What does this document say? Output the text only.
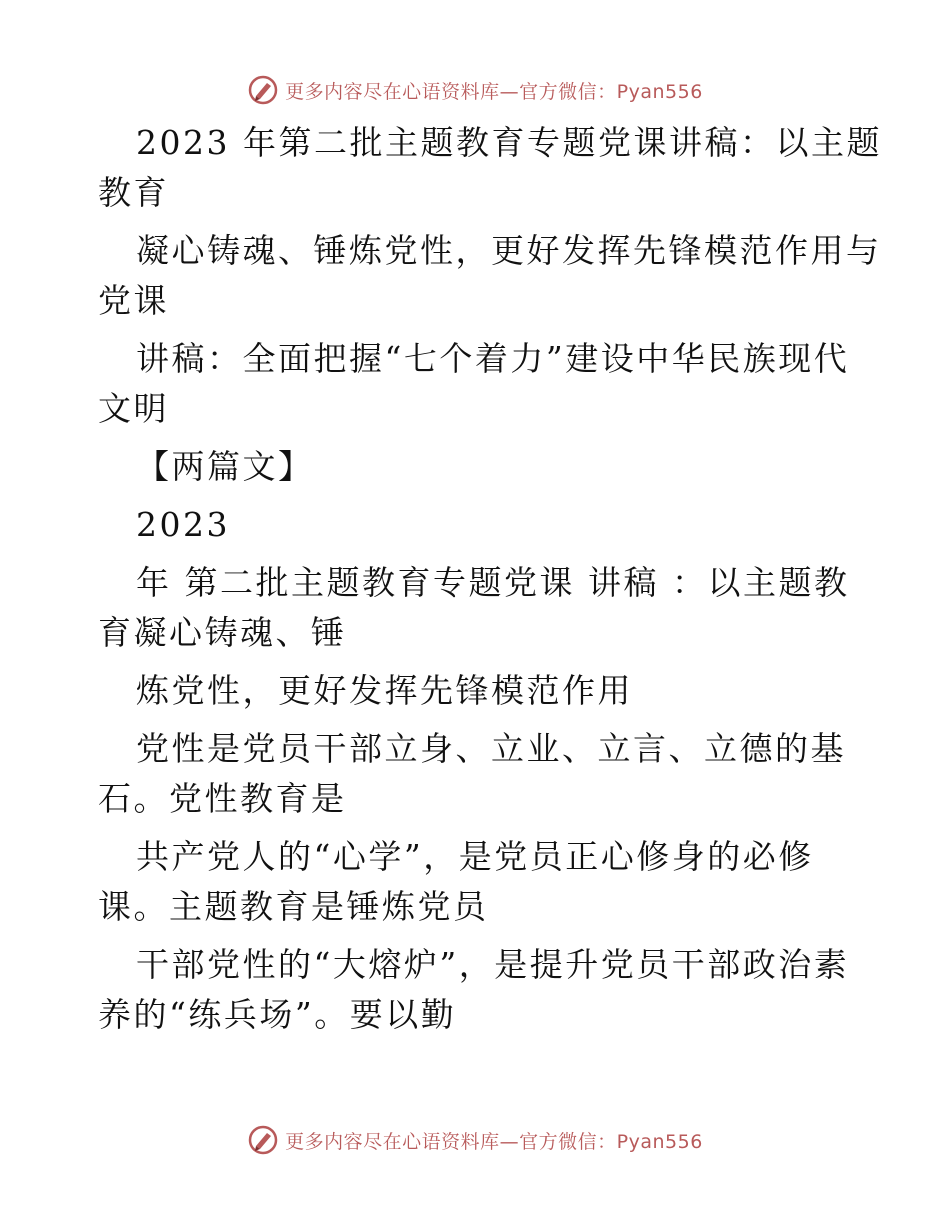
更多内容尽在心语资料库—官方微信：Pyan556
2023 年第二批主题教育专题党课讲稿：以主题
教育
凝心铸魂、锤炼党性，更好发挥先锋模范作用与
党课
讲稿：全面把握“七个着力”建设中华民族现代
文明
【两篇文】
2023
年 第二批主题教育专题党课 讲稿 ：以主题教
育凝心铸魂、锤
炼党性，更好发挥先锋模范作用
党性是党员干部立身、立业、立言、立德的基
石。党性教育是
共产党人的“心学”，是党员正心修身的必修
课。主题教育是锤炼党员
干部党性的“大熔炉”，是提升党员干部政治素
养的“练兵场”。要以勤
更多内容尽在心语资料库—官方微信：Pyan556
